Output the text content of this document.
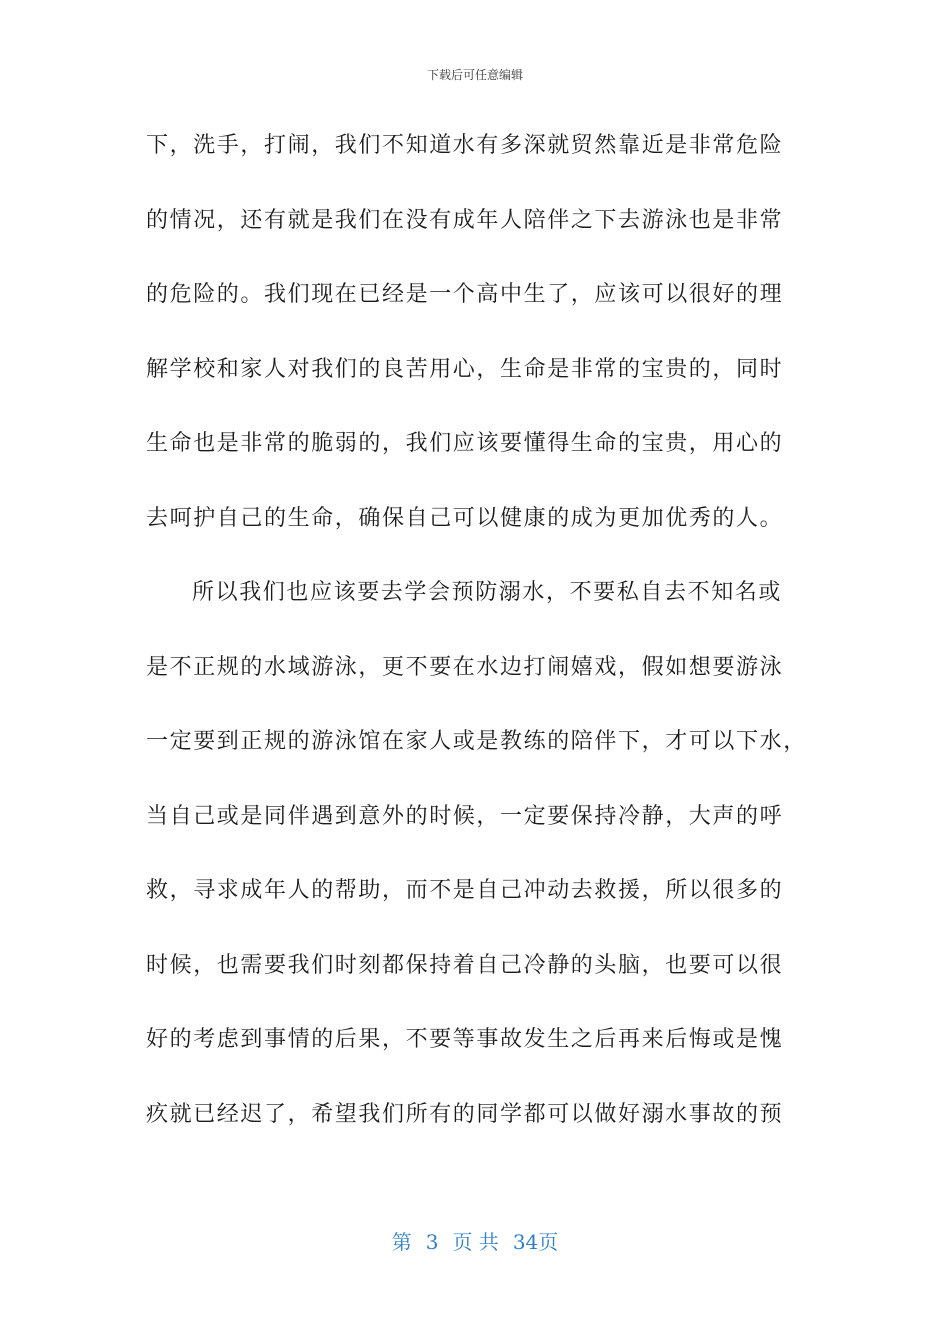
下载后可任意编辑
下，洗手，打闹，我们不知道水有多深就贸然靠近是非常危险
的情况，还有就是我们在没有成年人陪伴之下去游泳也是非常
的危险的。我们现在已经是一个高中生了，应该可以很好的理
解学校和家人对我们的良苦用心，生命是非常的宝贵的，同时
生命也是非常的脆弱的，我们应该要懂得生命的宝贵，用心的
去呵护自己的生命，确保自己可以健康的成为更加优秀的人。
所以我们也应该要去学会预防溺水，不要私自去不知名或
是不正规的水域游泳，更不要在水边打闹嬉戏，假如想要游泳
一定要到正规的游泳馆在家人或是教练的陪伴下，才可以下水，
当自己或是同伴遇到意外的时候，一定要保持冷静，大声的呼
救，寻求成年人的帮助，而不是自己冲动去救援，所以很多的
时候，也需要我们时刻都保持着自己冷静的头脑，也要可以很
好的考虑到事情的后果，不要等事故发生之后再来后悔或是愧
疚就已经迟了，希望我们所有的同学都可以做好溺水事故的预
第 3 页 共 34页
